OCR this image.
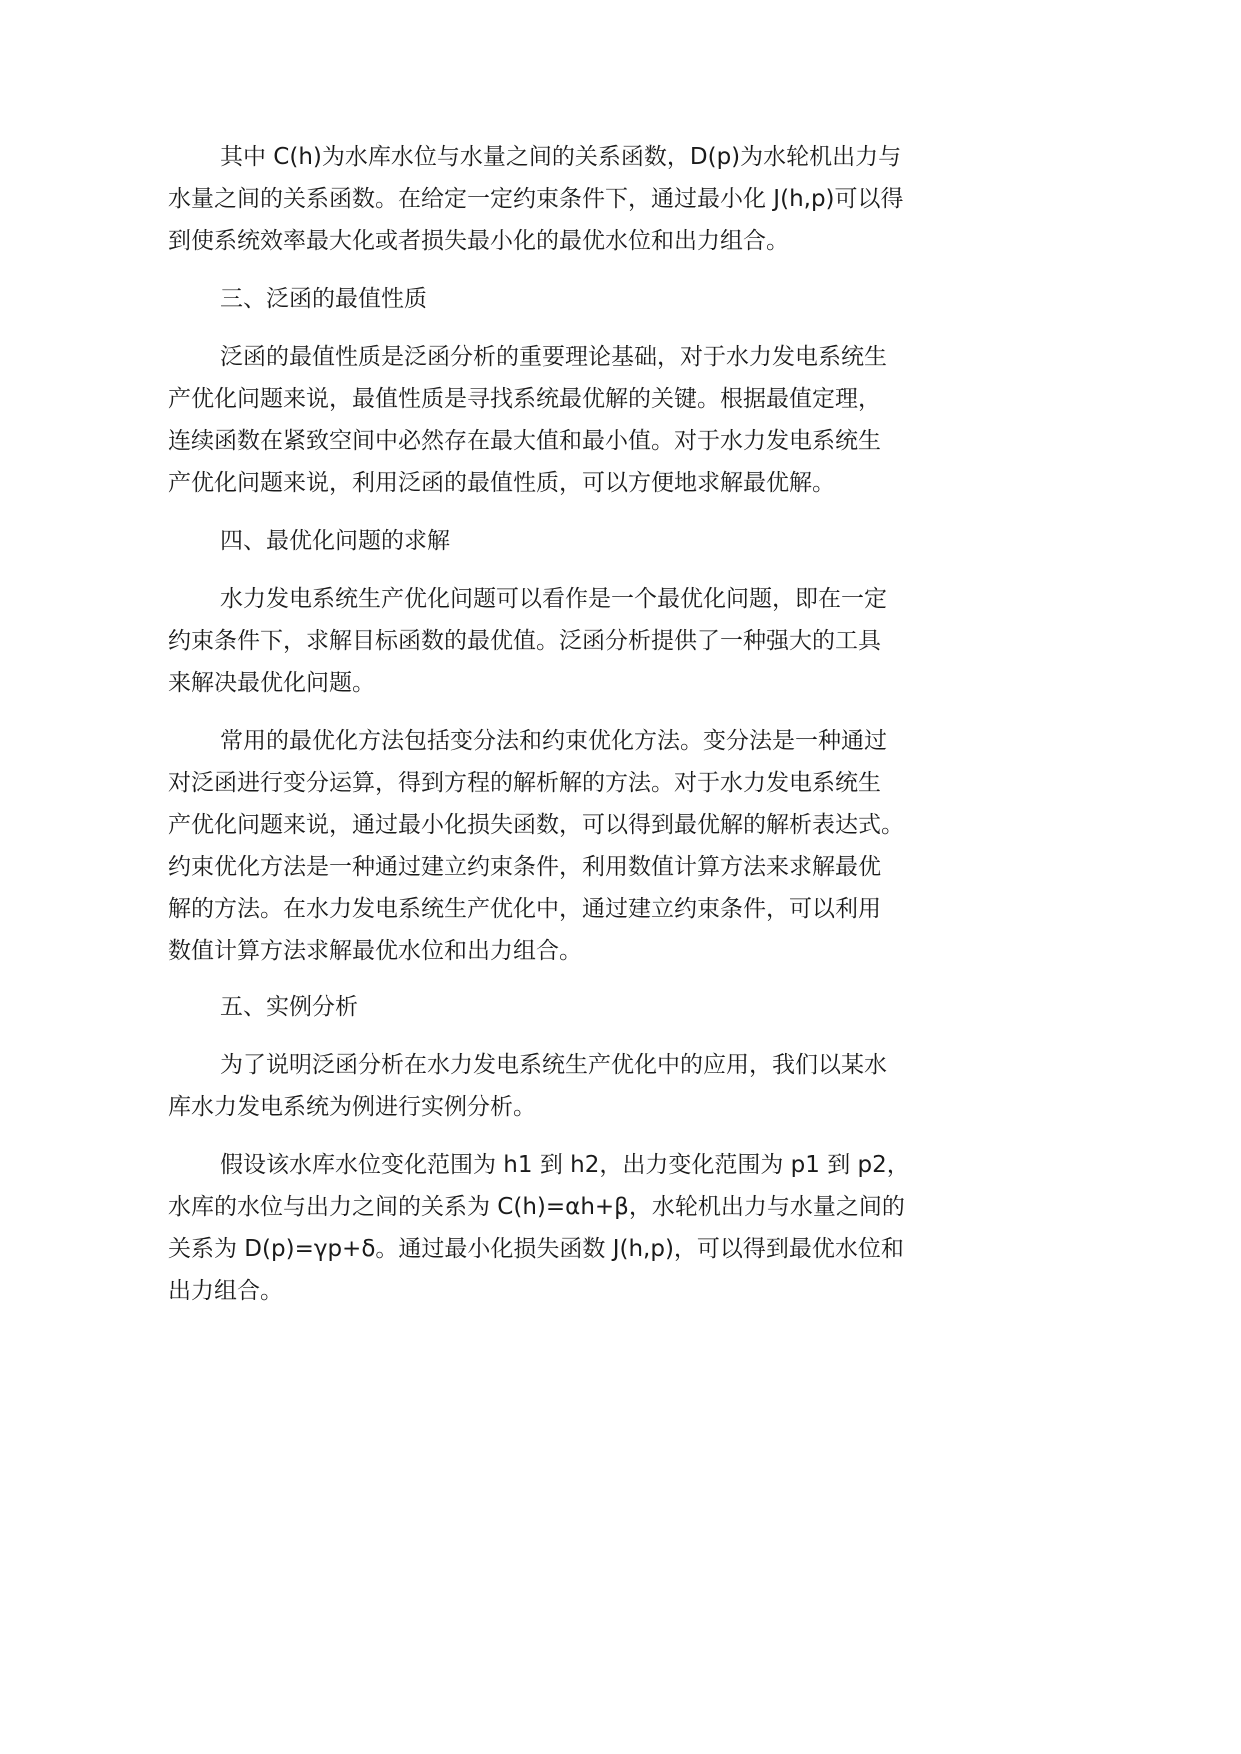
其中 C(h)为水库水位与水量之间的关系函数，D(p)为水轮机出力与
水量之间的关系函数。在给定一定约束条件下，通过最小化 J(h,p)可以得
到使系统效率最大化或者损失最小化的最优水位和出力组合。
三、泛函的最值性质
泛函的最值性质是泛函分析的重要理论基础，对于水力发电系统生
产优化问题来说，最值性质是寻找系统最优解的关键。根据最值定理，
连续函数在紧致空间中必然存在最大值和最小值。对于水力发电系统生
产优化问题来说，利用泛函的最值性质，可以方便地求解最优解。
四、最优化问题的求解
水力发电系统生产优化问题可以看作是一个最优化问题，即在一定
约束条件下，求解目标函数的最优值。泛函分析提供了一种强大的工具
来解决最优化问题。
常用的最优化方法包括变分法和约束优化方法。变分法是一种通过
对泛函进行变分运算，得到方程的解析解的方法。对于水力发电系统生
产优化问题来说，通过最小化损失函数，可以得到最优解的解析表达式。
约束优化方法是一种通过建立约束条件，利用数值计算方法来求解最优
解的方法。在水力发电系统生产优化中，通过建立约束条件，可以利用
数值计算方法求解最优水位和出力组合。
五、实例分析
为了说明泛函分析在水力发电系统生产优化中的应用，我们以某水
库水力发电系统为例进行实例分析。
假设该水库水位变化范围为 h1 到 h2，出力变化范围为 p1 到 p2，
水库的水位与出力之间的关系为 C(h)=αh+β，水轮机出力与水量之间的
关系为 D(p)=γp+δ。通过最小化损失函数 J(h,p)，可以得到最优水位和
出力组合。
